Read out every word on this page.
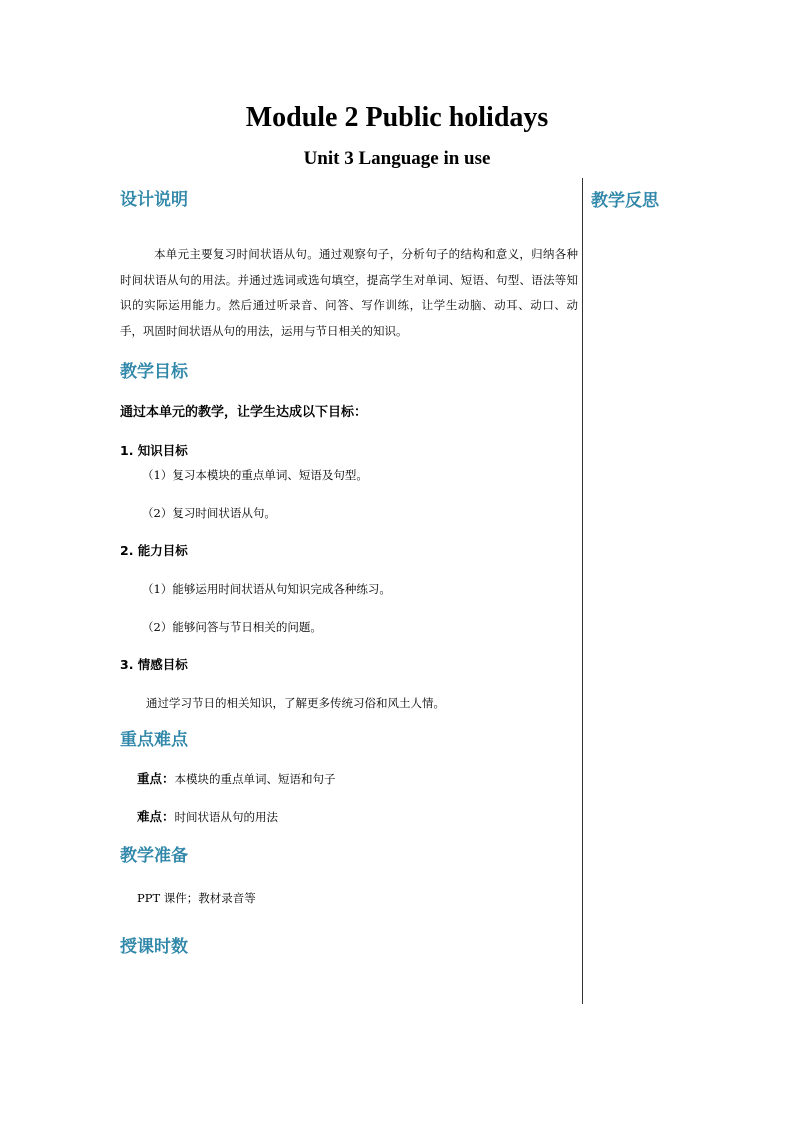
Module 2 Public holidays
Unit 3 Language in use
教学反思
设计说明

本单元主要复习时间状语从句。通过观察句子，分析句子的结构和意义，归纳各种时间状语从句的用法。并通过选词或选句填空，提高学生对单词、短语、句型、语法等知识的实际运用能力。然后通过听录音、问答、写作训练，让学生动脑、动耳、动口、动手，巩固时间状语从句的用法，运用与节日相关的知识。

教学目标

通过本单元的教学，让学生达成以下目标：

1. 知识目标

（1）复习本模块的重点单词、短语及句型。

（2）复习时间状语从句。

2. 能力目标

（1）能够运用时间状语从句知识完成各种练习。

（2）能够问答与节日相关的问题。

3. 情感目标

通过学习节日的相关知识，了解更多传统习俗和风土人情。

重点难点

重点：本模块的重点单词、短语和句子

难点：时间状语从句的用法

教学准备

PPT 课件；教材录音等

授课时数
